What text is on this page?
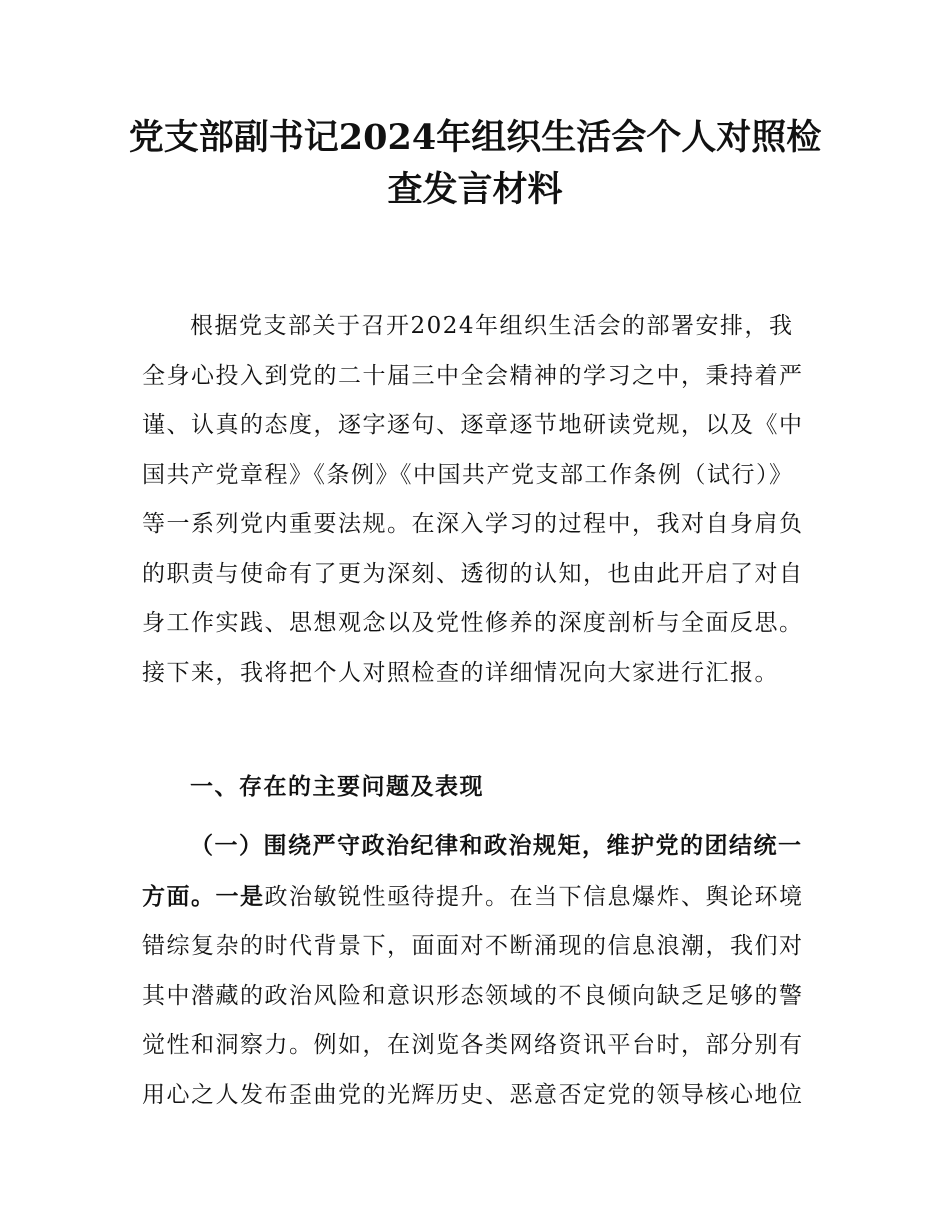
党支部副书记2024年组织生活会个人对照检查发言材料

根据党支部关于召开2024年组织生活会的部署安排，我全身心投入到党的二十届三中全会精神的学习之中，秉持着严谨、认真的态度，逐字逐句、逐章逐节地研读党规，以及《中国共产党章程》《条例》《中国共产党支部工作条例（试行）》等一系列党内重要法规。在深入学习的过程中，我对自身肩负的职责与使命有了更为深刻、透彻的认知，也由此开启了对自身工作实践、思想观念以及党性修养的深度剖析与全面反思。接下来，我将把个人对照检查的详细情况向大家进行汇报。

一、存在的主要问题及表现

（一）围绕严守政治纪律和政治规矩，维护党的团结统一方面。一是政治敏锐性亟待提升。在当下信息爆炸、舆论环境错综复杂的时代背景下，面面对不断涌现的信息浪潮，我们对其中潜藏的政治风险和意识形态领域的不良倾向缺乏足够的警觉性和洞察力。例如，在浏览各类网络资讯平台时，部分别有用心之人发布歪曲党的光辉历史、恶意否定党的领导核心地位
